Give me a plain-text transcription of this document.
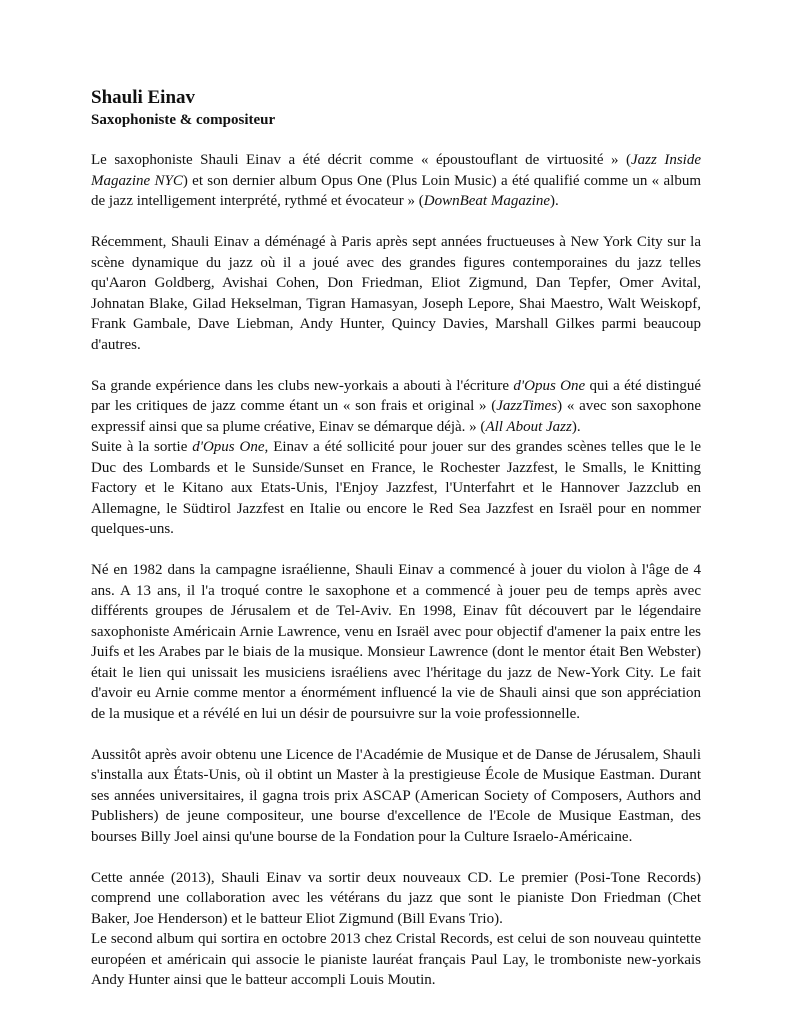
Shauli Einav
Saxophoniste & compositeur

Le saxophoniste Shauli Einav a été décrit comme « époustouflant de virtuosité » (Jazz Inside Magazine NYC) et son dernier album Opus One (Plus Loin Music) a été qualifié comme un « album de jazz intelligement interprété, rythmé et évocateur » (DownBeat Magazine).

Récemment, Shauli Einav a déménagé à Paris après sept années fructueuses à New York City sur la scène dynamique du jazz où il a joué avec des grandes figures contemporaines du jazz telles qu'Aaron Goldberg, Avishai Cohen, Don Friedman, Eliot Zigmund, Dan Tepfer, Omer Avital, Johnatan Blake, Gilad Hekselman, Tigran Hamasyan, Joseph Lepore, Shai Maestro, Walt Weiskopf, Frank Gambale, Dave Liebman, Andy Hunter, Quincy Davies, Marshall Gilkes parmi beaucoup d'autres.

Sa grande expérience dans les clubs new-yorkais a abouti à l'écriture d'Opus One qui a été distingué par les critiques de jazz comme étant un « son frais et original » (JazzTimes) « avec son saxophone expressif ainsi que sa plume créative, Einav se démarque déjà. » (All About Jazz).

Suite à la sortie d'Opus One, Einav a été sollicité pour jouer sur des grandes scènes telles que le le Duc des Lombards et le Sunside/Sunset en France, le Rochester Jazzfest, le Smalls, le Knitting Factory et le Kitano aux Etats-Unis, l'Enjoy Jazzfest, l'Unterfahrt et le Hannover Jazzclub en Allemagne, le Südtirol Jazzfest en Italie ou encore le Red Sea Jazzfest en Israël pour en nommer quelques-uns.

Né en 1982 dans la campagne israélienne, Shauli Einav a commencé à jouer du violon à l'âge de 4 ans. A 13 ans, il l'a troqué contre le saxophone et a commencé à jouer peu de temps après avec différents groupes de Jérusalem et de Tel-Aviv. En 1998, Einav fût découvert par le légendaire saxophoniste Américain Arnie Lawrence, venu en Israël avec pour objectif d'amener la paix entre les Juifs et les Arabes par le biais de la musique. Monsieur Lawrence (dont le mentor était Ben Webster) était le lien qui unissait les musiciens israéliens avec l'héritage du jazz de New-York City. Le fait d'avoir eu Arnie comme mentor a énormément influencé la vie de Shauli ainsi que son appréciation de la musique et a révélé en lui un désir de poursuivre sur la voie professionnelle.

Aussitôt après avoir obtenu une Licence de l'Académie de Musique et de Danse de Jérusalem, Shauli s'installa aux États-Unis, où il obtint un Master à la prestigieuse École de Musique Eastman. Durant ses années universitaires, il gagna trois prix ASCAP (American Society of Composers, Authors and Publishers) de jeune compositeur, une bourse d'excellence de l'Ecole de Musique Eastman, des bourses Billy Joel ainsi qu'une bourse de la Fondation pour la Culture Israelo-Américaine.

Cette année (2013), Shauli Einav va sortir deux nouveaux CD. Le premier (Posi-Tone Records) comprend une collaboration avec les vétérans du jazz que sont le pianiste Don Friedman (Chet Baker, Joe Henderson) et le batteur Eliot Zigmund (Bill Evans Trio).

Le second album qui sortira en octobre 2013 chez Cristal Records, est celui de son nouveau quintette européen et américain qui associe le pianiste lauréat français Paul Lay, le tromboniste new-yorkais Andy Hunter ainsi que le batteur accompli Louis Moutin.
